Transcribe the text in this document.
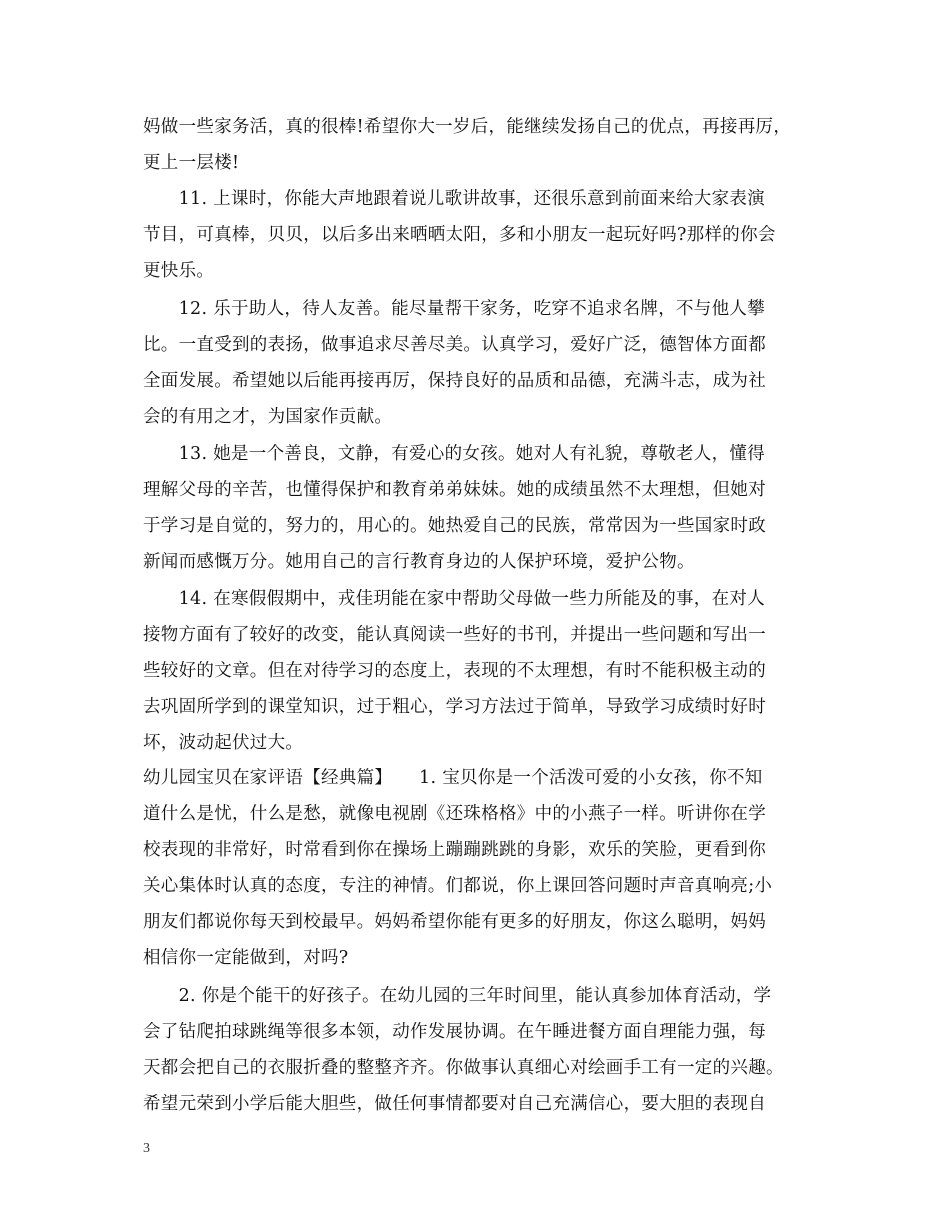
妈做一些家务活，真的很棒!希望你大一岁后，能继续发扬自己的优点，再接再厉，
更上一层楼!
　　11. 上课时，你能大声地跟着说儿歌讲故事，还很乐意到前面来给大家表演
节目，可真棒，贝贝，以后多出来晒晒太阳，多和小朋友一起玩好吗?那样的你会
更快乐。
　　12. 乐于助人，待人友善。能尽量帮干家务，吃穿不追求名牌，不与他人攀
比。一直受到的表扬，做事追求尽善尽美。认真学习，爱好广泛，德智体方面都
全面发展。希望她以后能再接再厉，保持良好的品质和品德，充满斗志，成为社
会的有用之才，为国家作贡献。
　　13. 她是一个善良，文静，有爱心的女孩。她对人有礼貌，尊敬老人，懂得
理解父母的辛苦，也懂得保护和教育弟弟妹妹。她的成绩虽然不太理想，但她对
于学习是自觉的，努力的，用心的。她热爱自己的民族，常常因为一些国家时政
新闻而感慨万分。她用自己的言行教育身边的人保护环境，爱护公物。
　　14. 在寒假假期中，戎佳玥能在家中帮助父母做一些力所能及的事，在对人
接物方面有了较好的改变，能认真阅读一些好的书刊，并提出一些问题和写出一
些较好的文章。但在对待学习的态度上，表现的不太理想，有时不能积极主动的
去巩固所学到的课堂知识，过于粗心，学习方法过于简单，导致学习成绩时好时
坏，波动起伏过大。
幼儿园宝贝在家评语【经典篇】　　1. 宝贝你是一个活泼可爱的小女孩，你不知
道什么是忧，什么是愁，就像电视剧《还珠格格》中的小燕子一样。听讲你在学
校表现的非常好，时常看到你在操场上蹦蹦跳跳的身影，欢乐的笑脸，更看到你
关心集体时认真的态度，专注的神情。们都说，你上课回答问题时声音真响亮;小
朋友们都说你每天到校最早。妈妈希望你能有更多的好朋友，你这么聪明，妈妈
相信你一定能做到，对吗?
　　2. 你是个能干的好孩子。在幼儿园的三年时间里，能认真参加体育活动，学
会了钻爬拍球跳绳等很多本领，动作发展协调。在午睡进餐方面自理能力强，每
天都会把自己的衣服折叠的整整齐齐。你做事认真细心对绘画手工有一定的兴趣。
希望元荣到小学后能大胆些，做任何事情都要对自己充满信心，要大胆的表现自
3
